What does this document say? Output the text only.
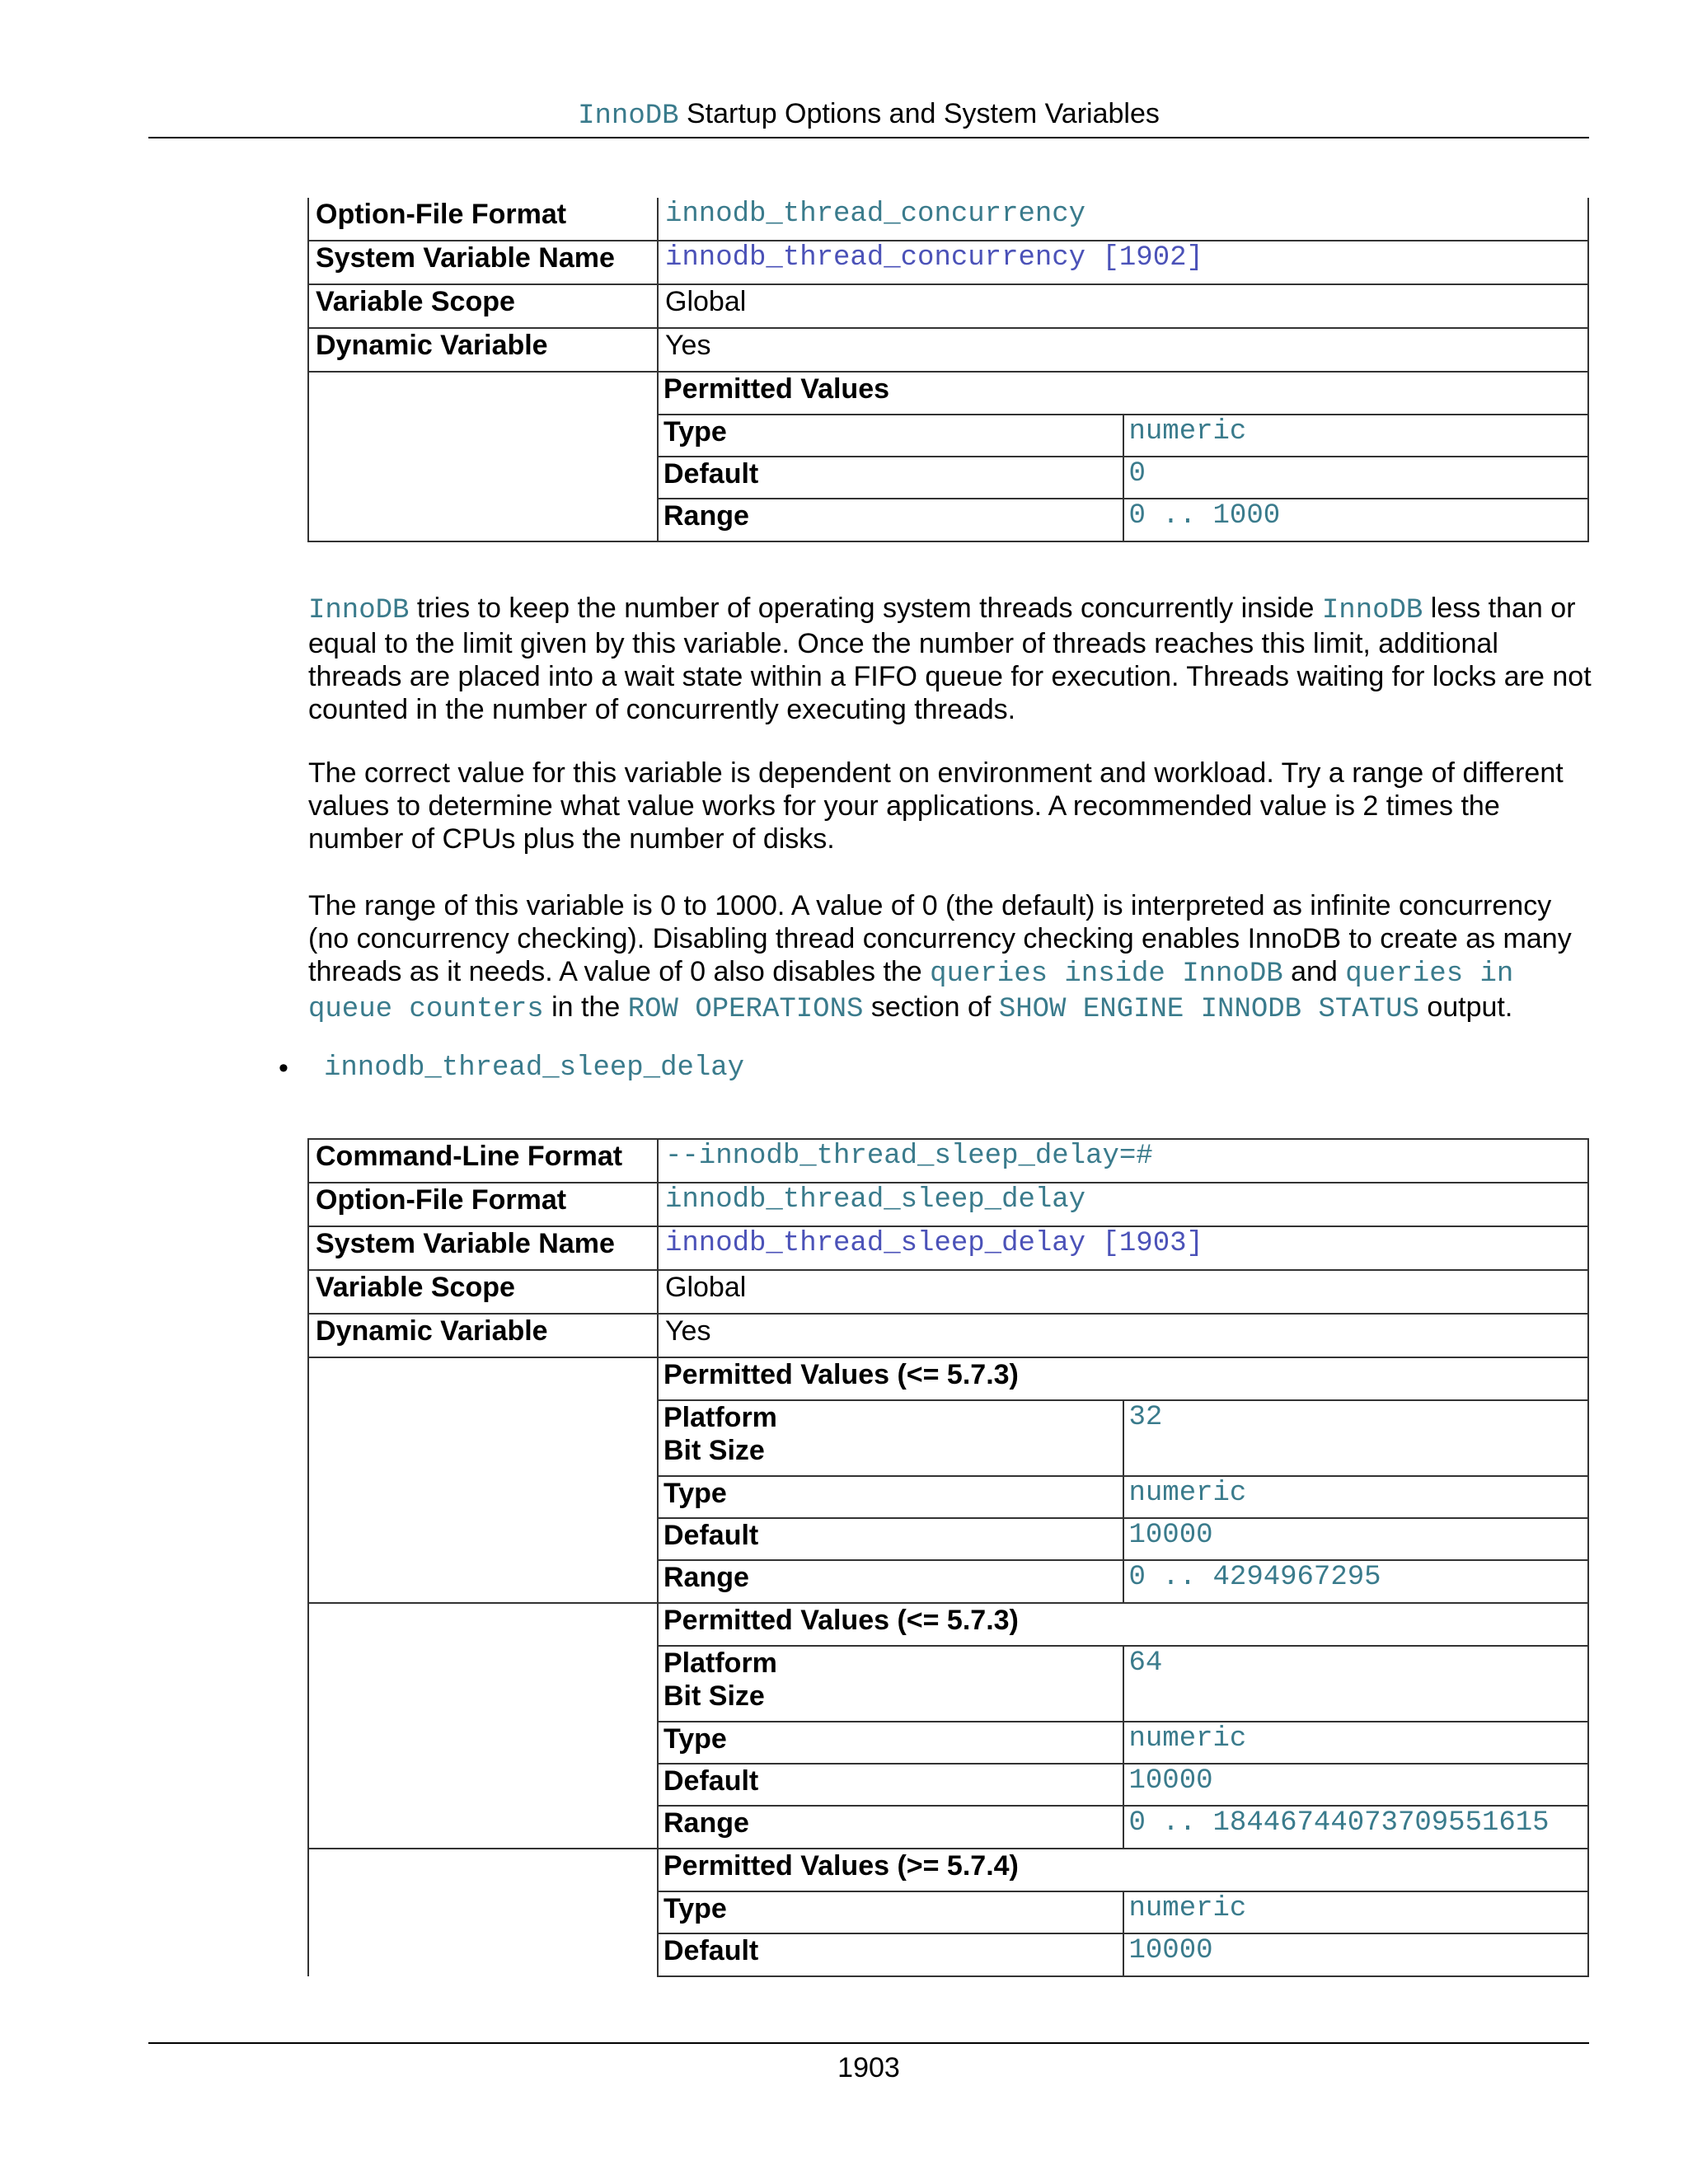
InnoDB Startup Options and System Variables
Option-File Format	innodb_thread_concurrency
System Variable Name	innodb_thread_concurrency [1902]
Variable Scope	Global
Dynamic Variable	Yes

Permitted Values
Type	numeric
Default	0
Range	0 .. 1000
InnoDB tries to keep the number of operating system threads concurrently inside InnoDB less than or equal to the limit given by this variable. Once the number of threads reaches this limit, additional threads are placed into a wait state within a FIFO queue for execution. Threads waiting for locks are not counted in the number of concurrently executing threads.
The correct value for this variable is dependent on environment and workload. Try a range of different values to determine what value works for your applications. A recommended value is 2 times the number of CPUs plus the number of disks.
The range of this variable is 0 to 1000. A value of 0 (the default) is interpreted as infinite concurrency (no concurrency checking). Disabling thread concurrency checking enables InnoDB to create as many threads as it needs. A value of 0 also disables the queries inside InnoDB and queries in queue counters in the ROW OPERATIONS section of SHOW ENGINE INNODB STATUS output.
• innodb_thread_sleep_delay
Command-Line Format	--innodb_thread_sleep_delay=#
Option-File Format	innodb_thread_sleep_delay
System Variable Name	innodb_thread_sleep_delay [1903]
Variable Scope	Global
Dynamic Variable	Yes

Permitted Values (<= 5.7.3)
Platform
Bit Size	32
Type	numeric
Default	10000
Range	0 .. 4294967295

Permitted Values (<= 5.7.3)
Platform
Bit Size	64
Type	numeric
Default	10000
Range	0 .. 18446744073709551615

Permitted Values (>= 5.7.4)
Type	numeric
Default	10000
1903
